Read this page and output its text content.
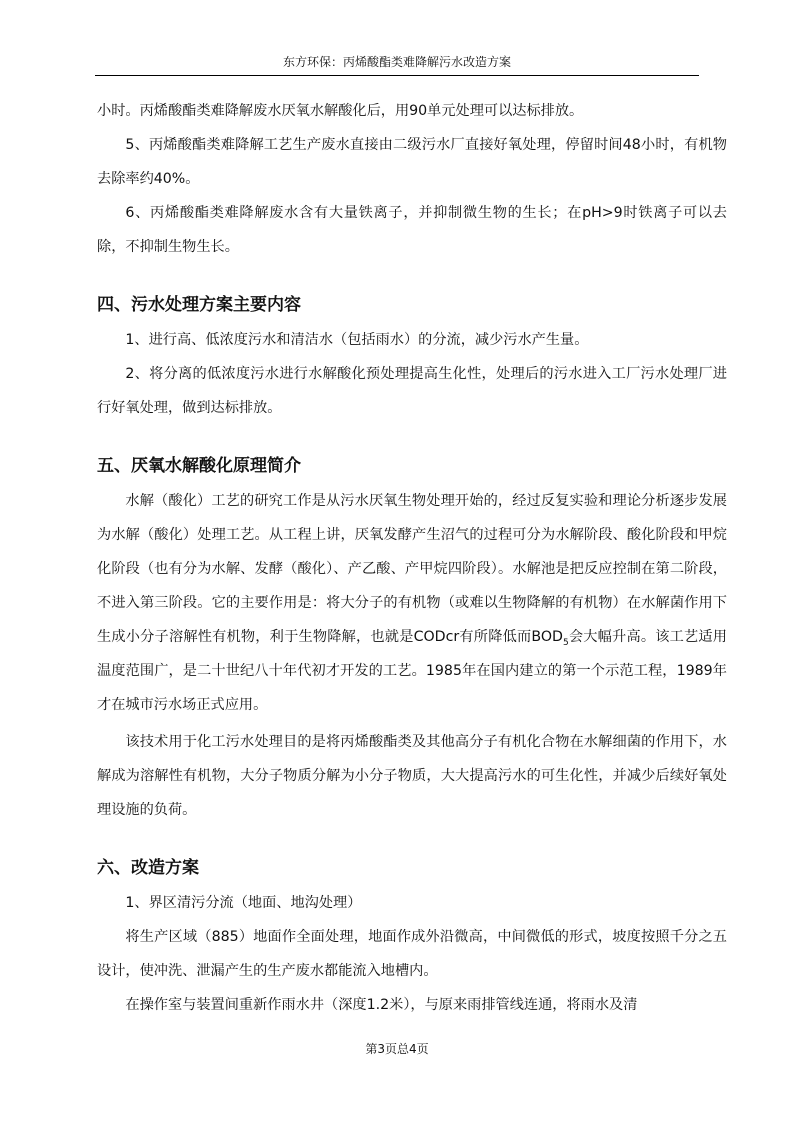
东方环保：丙烯酸酯类难降解污水改造方案

小时。丙烯酸酯类难降解废水厌氧水解酸化后，用90单元处理可以达标排放。

5、丙烯酸酯类难降解工艺生产废水直接由二级污水厂直接好氧处理，停留时间48小时，有机物去除率约40%。

6、丙烯酸酯类难降解废水含有大量铁离子，并抑制微生物的生长；在pH>9时铁离子可以去除，不抑制生物生长。

四、污水处理方案主要内容

1、进行高、低浓度污水和清洁水（包括雨水）的分流，减少污水产生量。

2、将分离的低浓度污水进行水解酸化预处理提高生化性，处理后的污水进入工厂污水处理厂进行好氧处理，做到达标排放。

五、厌氧水解酸化原理简介

水解（酸化）工艺的研究工作是从污水厌氧生物处理开始的，经过反复实验和理论分析逐步发展为水解（酸化）处理工艺。从工程上讲，厌氧发酵产生沼气的过程可分为水解阶段、酸化阶段和甲烷化阶段（也有分为水解、发酵（酸化）、产乙酸、产甲烷四阶段）。水解池是把反应控制在第二阶段，不进入第三阶段。它的主要作用是：将大分子的有机物（或难以生物降解的有机物）在水解菌作用下生成小分子溶解性有机物，利于生物降解，也就是CODcr有所降低而$BOD_5$会大幅升高。该工艺适用温度范围广，是二十世纪八十年代初才开发的工艺。1985年在国内建立的第一个示范工程，1989年才在城市污水场正式应用。

该技术用于化工污水处理目的是将丙烯酸酯类及其他高分子有机化合物在水解细菌的作用下，水解成为溶解性有机物，大分子物质分解为小分子物质，大大提高污水的可生化性，并减少后续好氧处理设施的负荷。

六、改造方案

1、界区清污分流（地面、地沟处理）

将生产区域（885）地面作全面处理，地面作成外沿微高，中间微低的形式，坡度按照千分之五设计，使冲洗、泄漏产生的生产废水都能流入地槽内。

在操作室与装置间重新作雨水井（深度1.2米），与原来雨排管线连通，将雨水及清

第3页总4页
